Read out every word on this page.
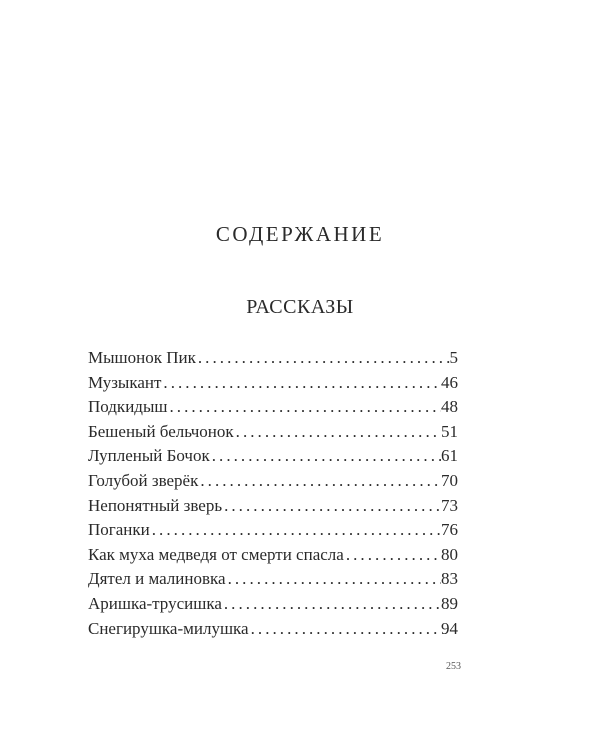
СОДЕРЖАНИЕ
РАССКАЗЫ
Мышонок Пик . . .	5
Музыкант . . .	46
Подкидыш . . .	48
Бешеный бельчонок . . .	51
Лупленый Бочок . . .	61
Голубой зверёк . . .	70
Непонятный зверь . . .	73
Поганки . . .	76
Как муха медведя от смерти спасла . . .	80
Дятел и малиновка . . .	83
Аришка-трусишка . . .	89
Снегирушка-милушка . . .	94
253
